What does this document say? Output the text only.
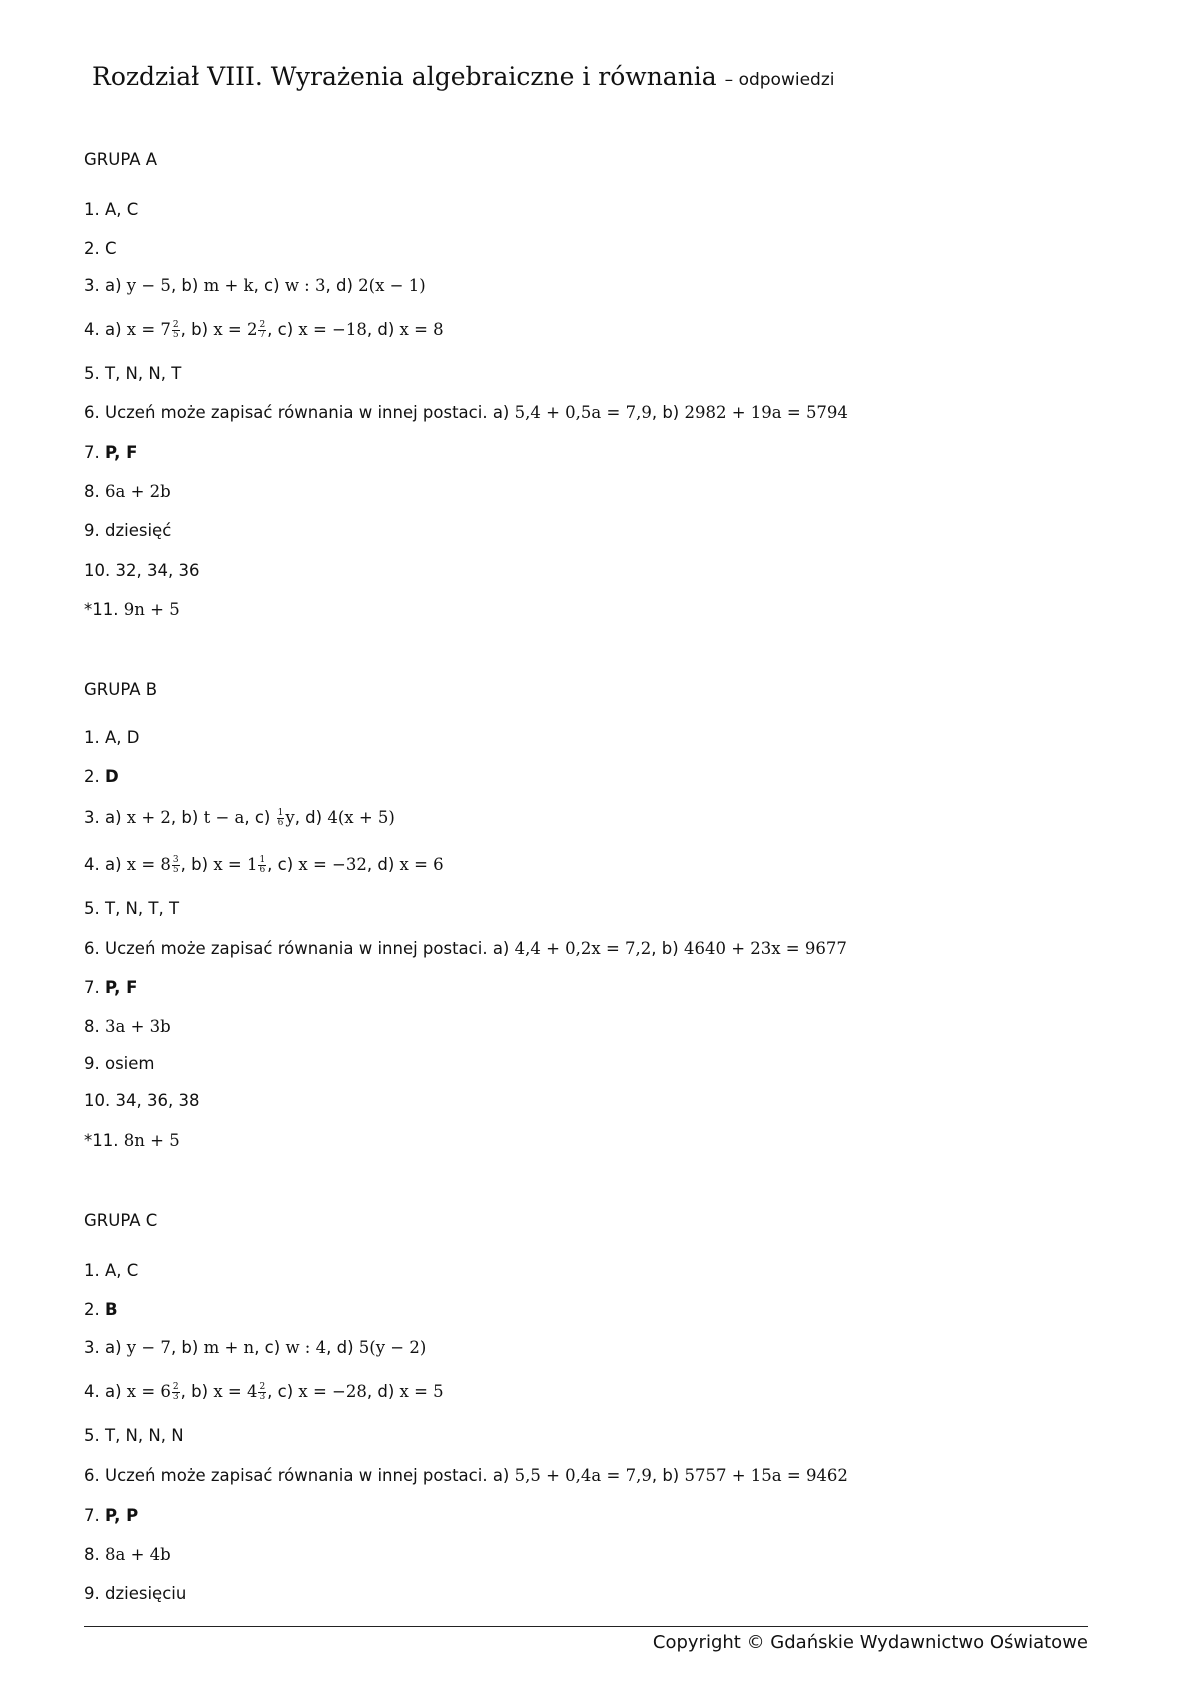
Rozdział VIII. Wyrażenia algebraiczne i równania – odpowiedzi
GRUPA A
1. A, C
2. C
3. a) y − 5, b) m + k, c) w : 3, d) 2(x − 1)
4. a) $x = 7 \frac{2}{5}$ , b) $x = 2 \frac{2}{7}$ , c) x = −18, d) x = 8
5. T, N, N, T
6. Uczeń może zapisać równania w innej postaci. a) 5,4 + 0,5a = 7,9, b) 2982 + 19a = 5794
7. P, F
8. 6a + 2b
9. dziesięć
10. 32, 34, 36
*11. 9n + 5
GRUPA B
1. A, D
2. D
3. a) x + 2, b) t − a, $c) \frac{1}{6} y$, d) 4(x + 5)
4. a) $x = 8 \frac{3}{5}$ , b) $x = 1 \frac{1}{6}$ , c) x = −32, d) x = 6
5. T, N, T, T
6. Uczeń może zapisać równania w innej postaci. a) 4,4 + 0,2x = 7,2, b) 4640 + 23x = 9677
7. P, F
8. 3a + 3b
9. osiem
10. 34, 36, 38
*11. 8n + 5
GRUPA C
1. A, C
2. B
3. a) y − 7, b) m + n, c) w : 4, d) 5(y − 2)
4. a) $x = 6 \frac{2}{3}$ , b) $x = 4 \frac{2}{3}$ , c) x = −28, d) x = 5
5. T, N, N, N
6. Uczeń może zapisać równania w innej postaci. a) 5,5 + 0,4a = 7,9, b) 5757 + 15a = 9462
7. P, P
8. 8a + 4b
9. dziesięciu
Copyright © Gdańskie Wydawnictwo Oświatowe
